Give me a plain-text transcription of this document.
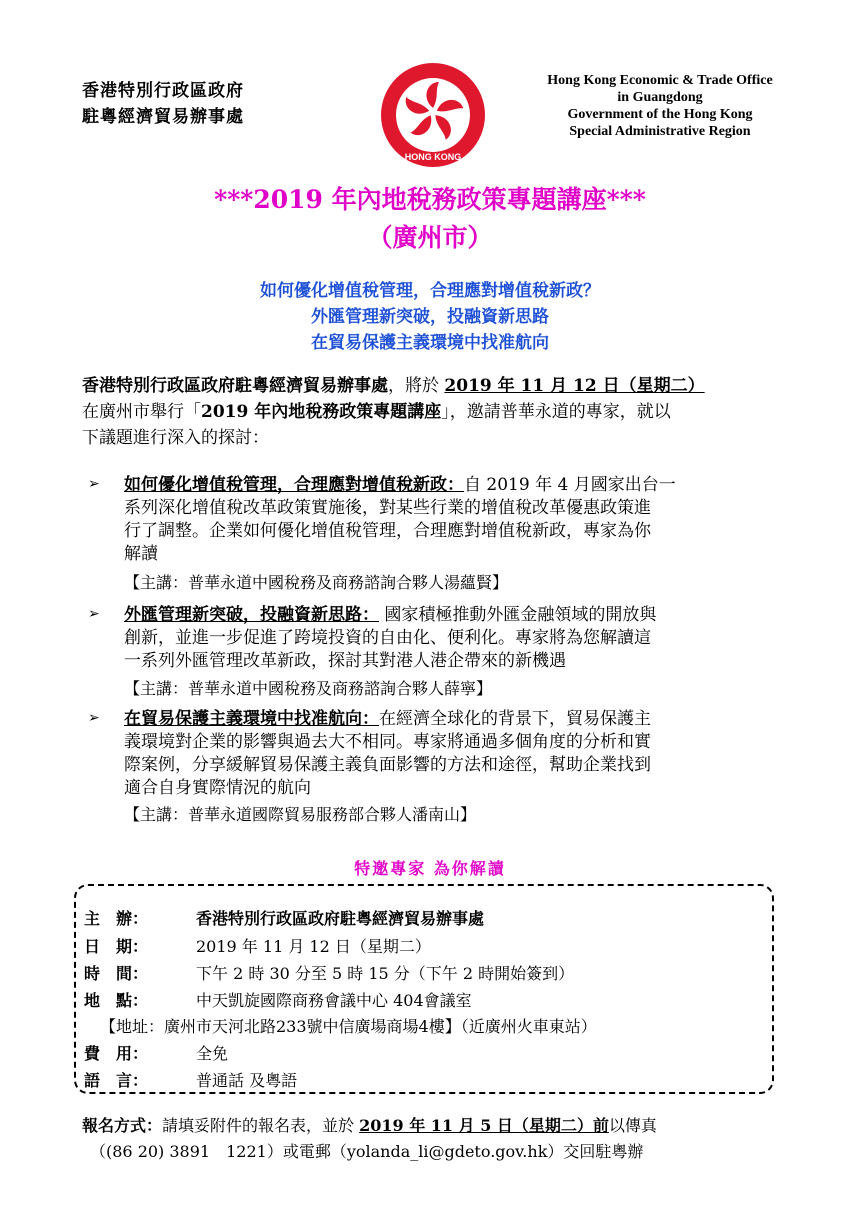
香港特別行政區政府
駐粵經濟貿易辦事處
HONG KONG
Hong Kong Economic & Trade Office
in Guangdong
Government of the Hong Kong
Special Administrative Region
***2019 年內地稅務政策專題講座***
（廣州市）
如何優化增值稅管理，合理應對增值稅新政？
外匯管理新突破，投融資新思路
在貿易保護主義環境中找准航向
香港特別行政區政府駐粵經濟貿易辦事處，將於 2019 年 11 月 12 日（星期二）
在廣州市舉行「2019 年內地稅務政策專題講座」，邀請普華永道的專家，就以
下議題進行深入的探討：
➢ 如何優化增值稅管理，合理應對增值稅新政：自 2019 年 4 月國家出台一
系列深化增值稅改革政策實施後，對某些行業的增值稅改革優惠政策進
行了調整。企業如何優化增值稅管理，合理應對增值稅新政，專家為你
解讀
【主講：普華永道中國稅務及商務諮詢合夥人湯蘊賢】
➢ 外匯管理新突破，投融資新思路： 國家積極推動外匯金融領域的開放與
創新，並進一步促進了跨境投資的自由化、便利化。專家將為您解讀這
一系列外匯管理改革新政，探討其對港人港企帶來的新機遇
【主講：普華永道中國稅務及商務諮詢合夥人薛寧】
➢ 在貿易保護主義環境中找准航向：在經濟全球化的背景下，貿易保護主
義環境對企業的影響與過去大不相同。專家將通過多個角度的分析和實
際案例，分享緩解貿易保護主義負面影響的方法和途徑，幫助企業找到
適合自身實際情況的航向
【主講：普華永道國際貿易服務部合夥人潘南山】
特邀專家 為你解讀
主　辦：	香港特別行政區政府駐粵經濟貿易辦事處
日　期：	2019 年 11 月 12 日（星期二）
時　間：	下午 2 時 30 分至 5 時 15 分（下午 2 時開始簽到）
地　點：	中天凱旋國際商務會議中心 404會議室
【地址：廣州市天河北路233號中信廣場商場4樓】（近廣州火車東站）
費　用：	全免
語　言：	普通話 及粵語
報名方式：請填妥附件的報名表，並於 2019 年 11 月 5 日（星期二）前以傳真
（(86 20) 3891　1221）或電郵（yolanda_li@gdeto.gov.hk）交回駐粵辦
